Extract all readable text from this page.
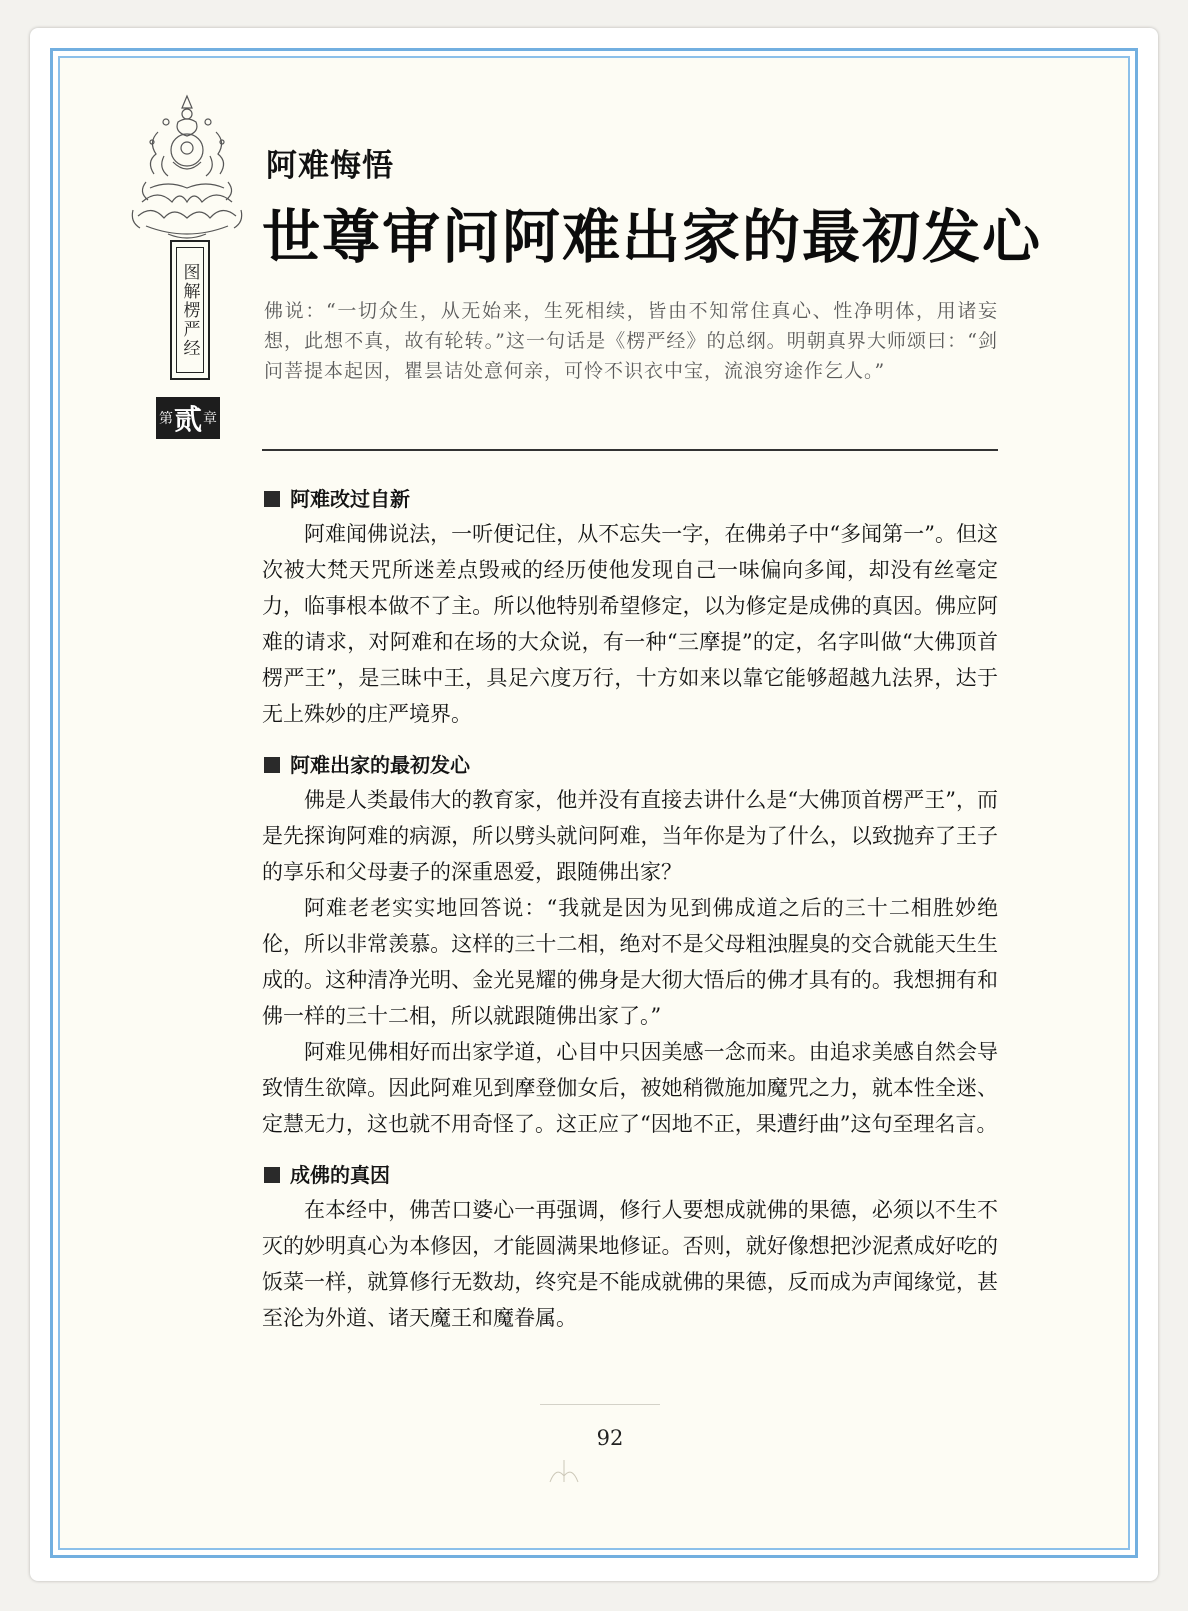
图解楞严经
第 贰 章
阿难悔悟
世尊审问阿难出家的最初发心
佛说：“一切众生，从无始来，生死相续，皆由不知常住真心、性净明体，用诸妄想，此想不真，故有轮转。”这一句话是《楞严经》的总纲。明朝真界大师颂曰：“剑问菩提本起因，瞿昙诘处意何亲，可怜不识衣中宝，流浪穷途作乞人。”
阿难改过自新

阿难闻佛说法，一听便记住，从不忘失一字，在佛弟子中“多闻第一”。但这次被大梵天咒所迷差点毁戒的经历使他发现自己一味偏向多闻，却没有丝毫定力，临事根本做不了主。所以他特别希望修定，以为修定是成佛的真因。佛应阿难的请求，对阿难和在场的大众说，有一种“三摩提”的定，名字叫做“大佛顶首楞严王”，是三昧中王，具足六度万行，十方如来以靠它能够超越九法界，达于无上殊妙的庄严境界。

阿难出家的最初发心

佛是人类最伟大的教育家，他并没有直接去讲什么是“大佛顶首楞严王”，而是先探询阿难的病源，所以劈头就问阿难，当年你是为了什么，以致抛弃了王子的享乐和父母妻子的深重恩爱，跟随佛出家？

阿难老老实实地回答说：“我就是因为见到佛成道之后的三十二相胜妙绝伦，所以非常羡慕。这样的三十二相，绝对不是父母粗浊腥臭的交合就能天生生成的。这种清净光明、金光晃耀的佛身是大彻大悟后的佛才具有的。我想拥有和佛一样的三十二相，所以就跟随佛出家了。”

阿难见佛相好而出家学道，心目中只因美感一念而来。由追求美感自然会导致情生欲障。因此阿难见到摩登伽女后，被她稍微施加魔咒之力，就本性全迷、定慧无力，这也就不用奇怪了。这正应了“因地不正，果遭纡曲”这句至理名言。

成佛的真因

在本经中，佛苦口婆心一再强调，修行人要想成就佛的果德，必须以不生不灭的妙明真心为本修因，才能圆满果地修证。否则，就好像想把沙泥煮成好吃的饭菜一样，就算修行无数劫，终究是不能成就佛的果德，反而成为声闻缘觉，甚至沦为外道、诸天魔王和魔眷属。

92
